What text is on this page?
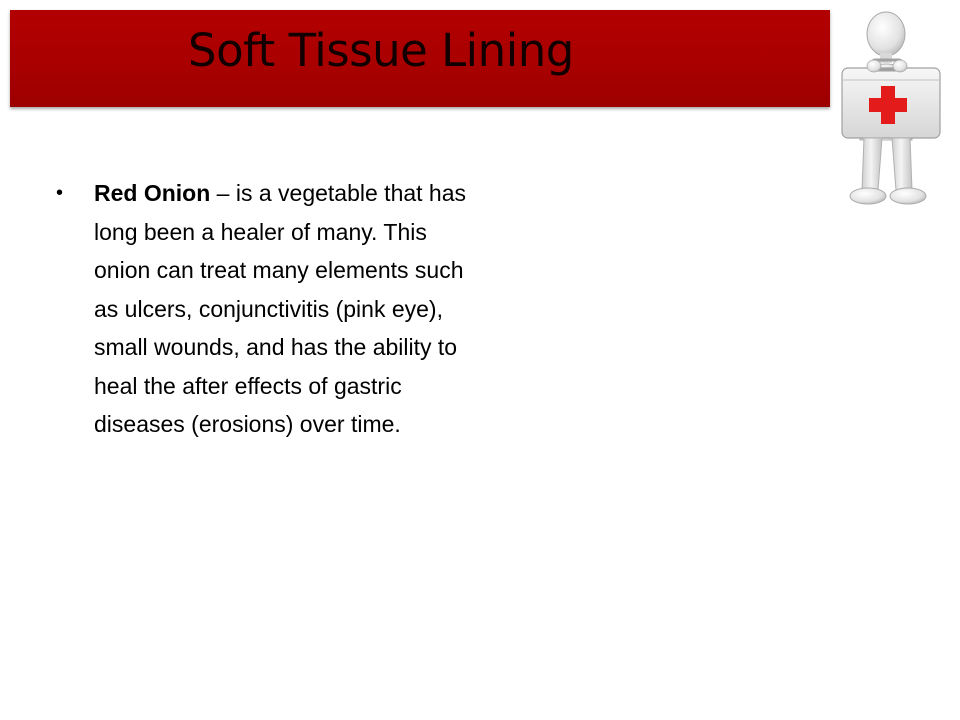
Soft Tissue Lining
•	Red Onion – is a vegetable that has long been a healer of many. This onion can treat many elements such as ulcers, conjunctivitis (pink eye), small wounds, and has the ability to heal the after effects of gastric diseases (erosions) over time.
